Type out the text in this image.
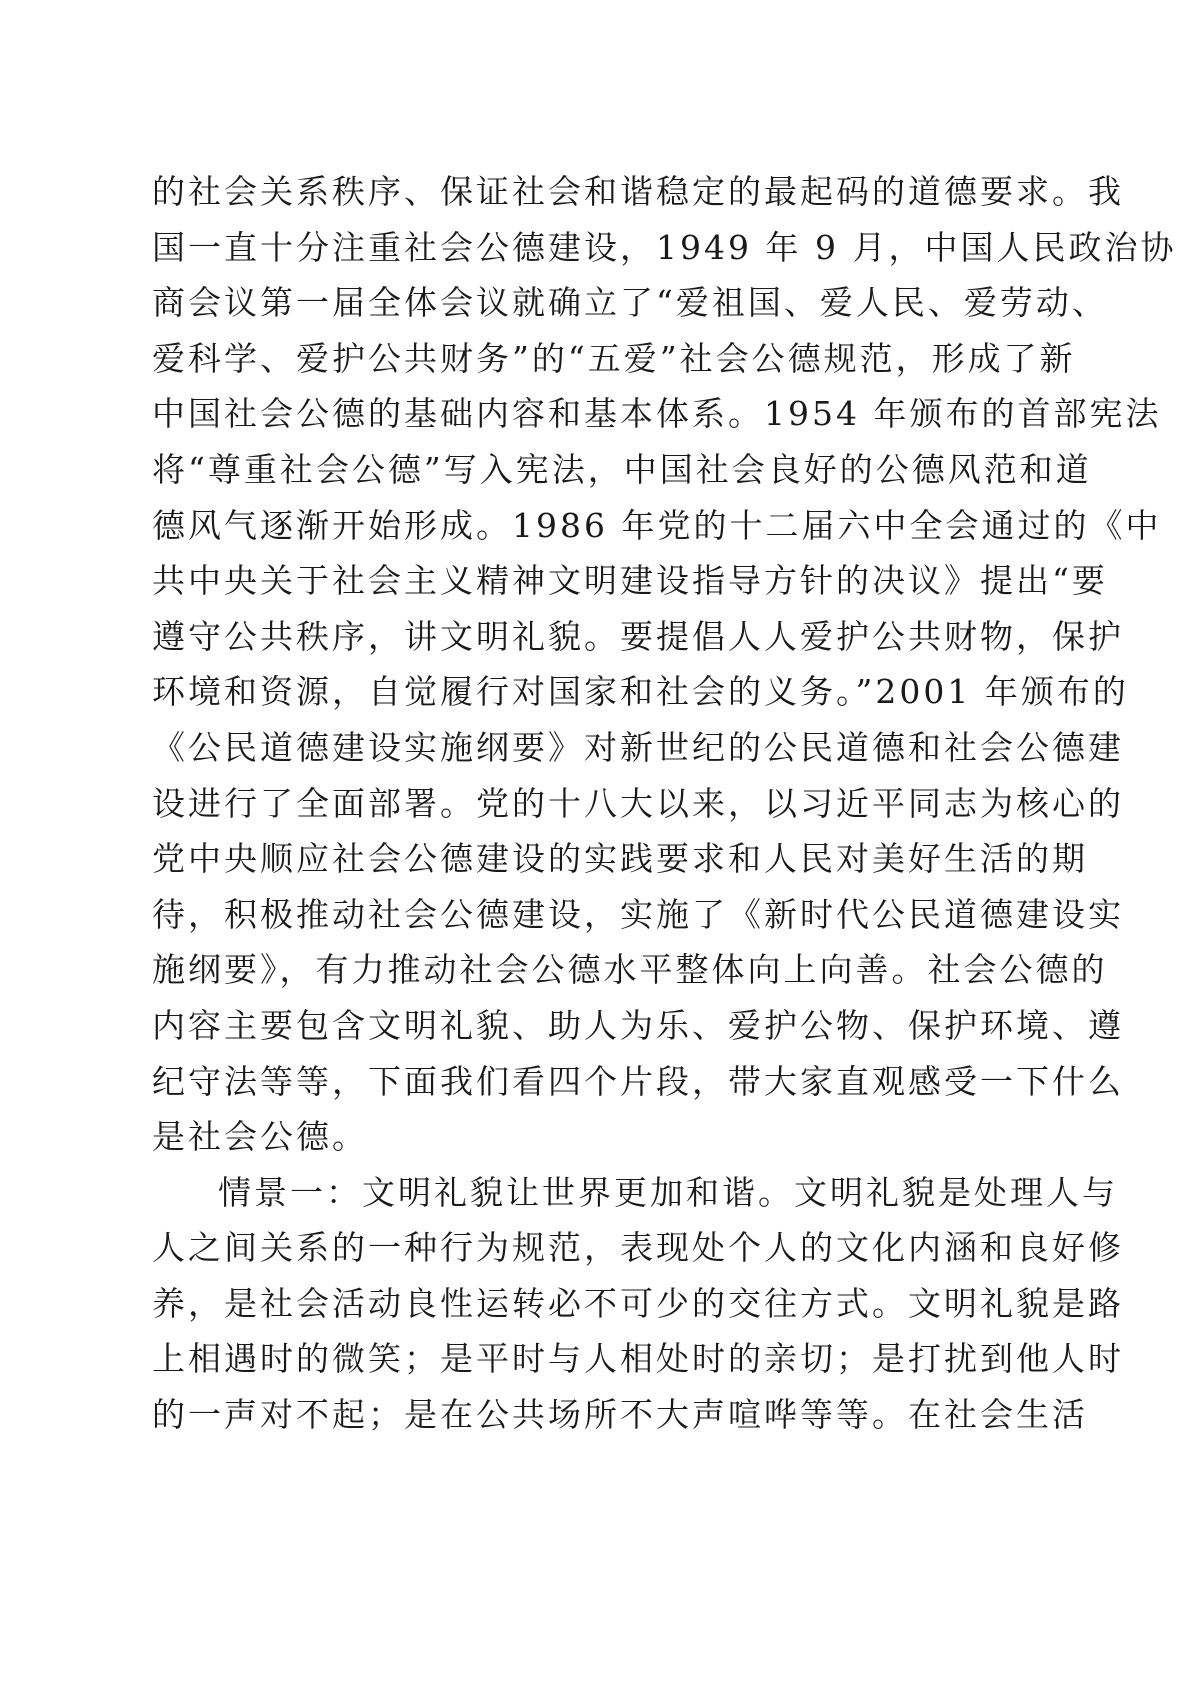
的社会关系秩序、保证社会和谐稳定的最起码的道德要求。我
国一直十分注重社会公德建设，1949 年 9 月，中国人民政治协
商会议第一届全体会议就确立了“爱祖国、爱人民、爱劳动、
爱科学、爱护公共财务”的“五爱”社会公德规范，形成了新
中国社会公德的基础内容和基本体系。1954 年颁布的首部宪法
将“尊重社会公德”写入宪法，中国社会良好的公德风范和道
德风气逐渐开始形成。1986 年党的十二届六中全会通过的《中
共中央关于社会主义精神文明建设指导方针的决议》提出“要
遵守公共秩序，讲文明礼貌。要提倡人人爱护公共财物，保护
环境和资源，自觉履行对国家和社会的义务。”2001 年颁布的
《公民道德建设实施纲要》对新世纪的公民道德和社会公德建
设进行了全面部署。党的十八大以来，以习近平同志为核心的
党中央顺应社会公德建设的实践要求和人民对美好生活的期
待，积极推动社会公德建设，实施了《新时代公民道德建设实
施纲要》，有力推动社会公德水平整体向上向善。社会公德的
内容主要包含文明礼貌、助人为乐、爱护公物、保护环境、遵
纪守法等等，下面我们看四个片段，带大家直观感受一下什么
是社会公德。
情景一：文明礼貌让世界更加和谐。文明礼貌是处理人与
人之间关系的一种行为规范，表现处个人的文化内涵和良好修
养，是社会活动良性运转必不可少的交往方式。文明礼貌是路
上相遇时的微笑；是平时与人相处时的亲切；是打扰到他人时
的一声对不起；是在公共场所不大声喧哗等等。在社会生活
